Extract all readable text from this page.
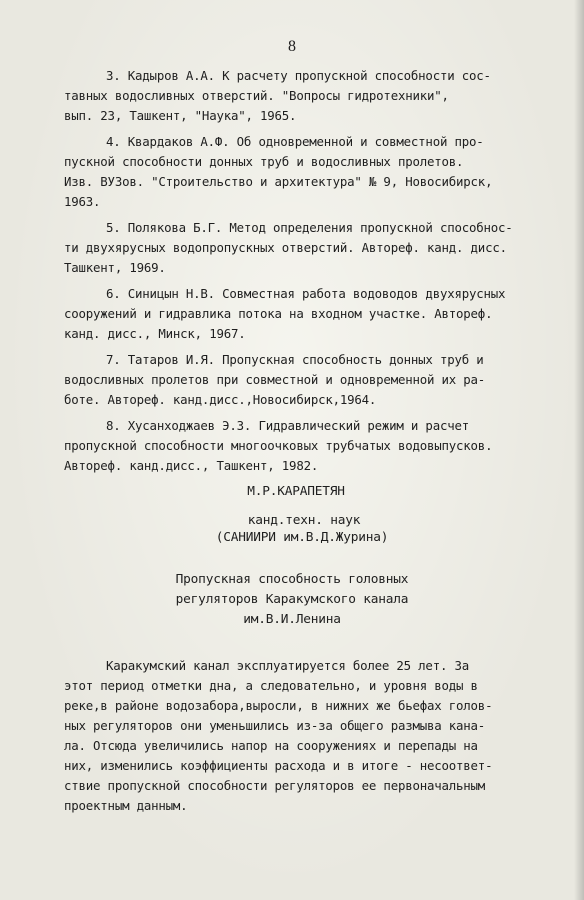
8
3. Кадыров А.А. К расчету пропускной способности сос-
тавных водосливных отверстий. "Вопросы гидротехники",
вып. 23, Ташкент, "Наука", 1965.
4. Квардаков А.Ф. Об одновременной и совместной про-
пускной способности донных труб и водосливных пролетов.
Изв. ВУЗов. "Строительство и архитектура" № 9, Новосибирск,
1963.
5. Полякова Б.Г. Метод определения пропускной способнос-
ти двухярусных водопропускных отверстий. Автореф. канд. дисс.
Ташкент, 1969.
6. Синицын Н.В. Совместная работа водоводов двухярусных
сооружений и гидравлика потока на входном участке. Автореф.
канд. дисс., Минск, 1967.
7. Татаров И.Я. Пропускная способность донных труб и
водосливных пролетов при совместной и одновременной их ра-
боте. Автореф. канд.дисс.,Новосибирск,1964.
8. Хусанходжаев Э.З. Гидравлический режим и расчет
пропускной способности многоочковых трубчатых водовыпусков.
Автореф. канд.дисс., Ташкент, 1982.
М.Р.КАРАПЕТЯН
канд.техн. наук
(САНИИРИ им.В.Д.Журина)
Пропускная способность головных
регуляторов Каракумского канала
им.В.И.Ленина
Каракумский канал эксплуатируется более 25 лет. За
этот период отметки дна, а следовательно, и уровня воды в
реке,в районе водозабора,выросли, в нижних же бьефах голов-
ных регуляторов они уменьшились из-за общего размыва кана-
ла. Отсюда увеличились напор на сооружениях и перепады на
них, изменились коэффициенты расхода и в итоге - несоответ-
ствие пропускной способности регуляторов ее первоначальным
проектным данным.
